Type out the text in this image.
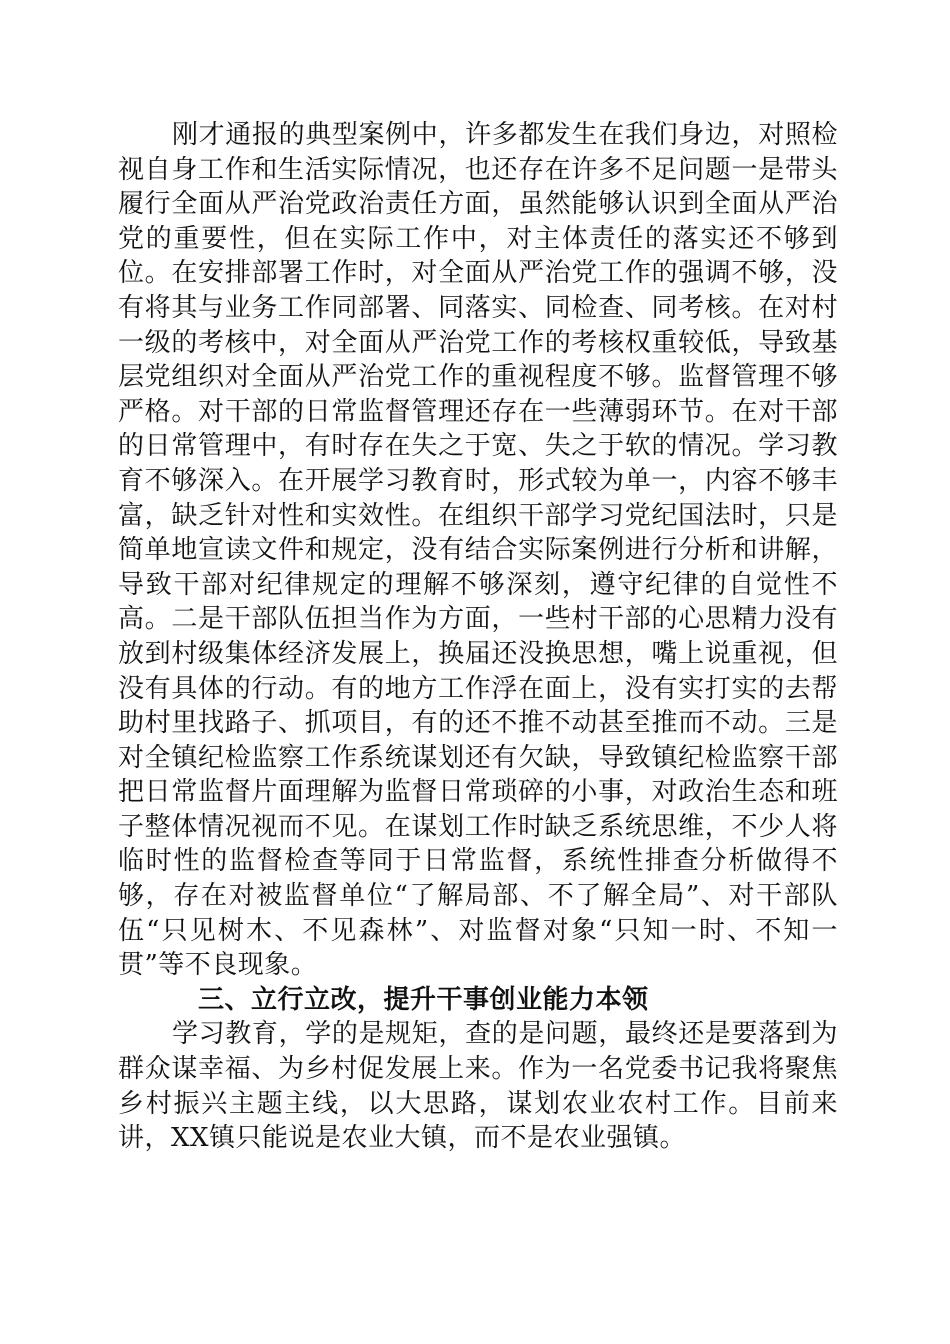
刚才通报的典型案例中，许多都发生在我们身边，对照检视自身工作和生活实际情况，也还存在许多不足问题一是带头履行全面从严治党政治责任方面，虽然能够认识到全面从严治党的重要性，但在实际工作中，对主体责任的落实还不够到位。在安排部署工作时，对全面从严治党工作的强调不够，没有将其与业务工作同部署、同落实、同检查、同考核。在对村一级的考核中，对全面从严治党工作的考核权重较低，导致基层党组织对全面从严治党工作的重视程度不够。监督管理不够严格。对干部的日常监督管理还存在一些薄弱环节。在对干部的日常管理中，有时存在失之于宽、失之于软的情况。学习教育不够深入。在开展学习教育时，形式较为单一，内容不够丰富，缺乏针对性和实效性。在组织干部学习党纪国法时，只是简单地宣读文件和规定，没有结合实际案例进行分析和讲解，导致干部对纪律规定的理解不够深刻，遵守纪律的自觉性不高。二是干部队伍担当作为方面，一些村干部的心思精力没有放到村级集体经济发展上，换届还没换思想，嘴上说重视，但没有具体的行动。有的地方工作浮在面上，没有实打实的去帮助村里找路子、抓项目，有的还不推不动甚至推而不动。三是对全镇纪检监察工作系统谋划还有欠缺，导致镇纪检监察干部把日常监督片面理解为监督日常琐碎的小事，对政治生态和班子整体情况视而不见。在谋划工作时缺乏系统思维，不少人将临时性的监督检查等同于日常监督，系统性排查分析做得不够，存在对被监督单位“了解局部、不了解全局”、对干部队伍“只见树木、不见森林”、对监督对象“只知一时、不知一贯”等不良现象。

三、立行立改，提升干事创业能力本领

学习教育，学的是规矩，查的是问题，最终还是要落到为群众谋幸福、为乡村促发展上来。作为一名党委书记我将聚焦乡村振兴主题主线，以大思路，谋划农业农村工作。目前来讲，XX镇只能说是农业大镇，而不是农业强镇。
